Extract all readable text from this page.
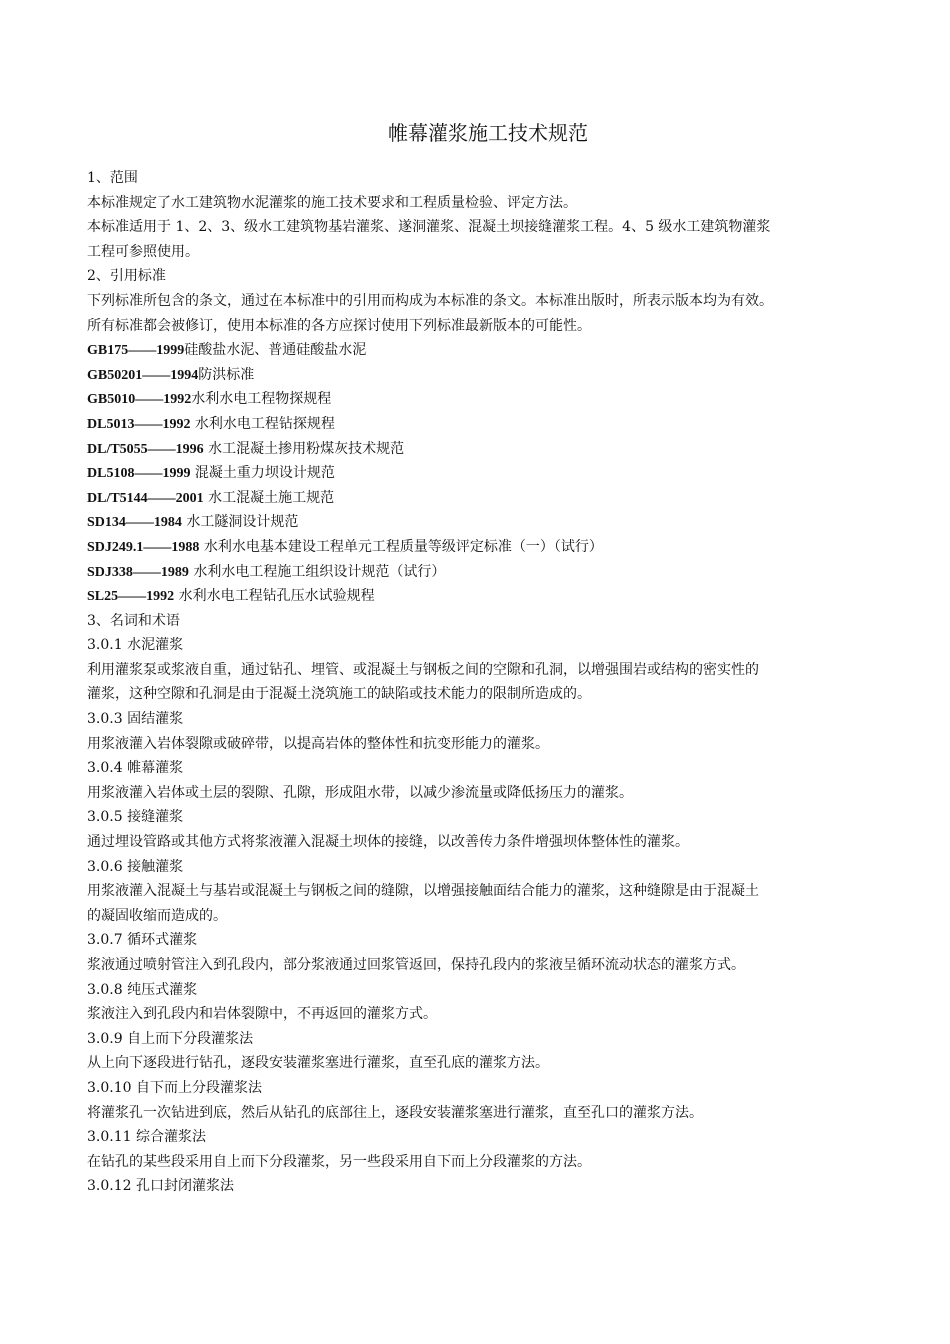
帷幕灌浆施工技术规范
1、范围
本标准规定了水工建筑物水泥灌浆的施工技术要求和工程质量检验、评定方法。
本标准适用于 1、2、3、级水工建筑物基岩灌浆、遂洞灌浆、混凝土坝接缝灌浆工程。4、5 级水工建筑物灌浆
工程可参照使用。
2、引用标准
下列标准所包含的条文，通过在本标准中的引用而构成为本标准的条文。本标准出版时，所表示版本均为有效。
所有标准都会被修订，使用本标准的各方应探讨使用下列标准最新版本的可能性。
GB175——1999硅酸盐水泥、普通硅酸盐水泥
GB50201——1994防洪标准
GB5010——1992水利水电工程物探规程
DL5013——1992 水利水电工程钻探规程
DL/T5055——1996 水工混凝土掺用粉煤灰技术规范
DL5108——1999 混凝土重力坝设计规范
DL/T5144——2001 水工混凝土施工规范
SD134——1984 水工隧洞设计规范
SDJ249.1——1988 水利水电基本建设工程单元工程质量等级评定标准（一）（试行）
SDJ338——1989 水利水电工程施工组织设计规范（试行）
SL25——1992 水利水电工程钻孔压水试验规程
3、名词和术语
3.0.1 水泥灌浆
利用灌浆泵或浆液自重，通过钻孔、埋管、或混凝土与钢板之间的空隙和孔洞，以增强围岩或结构的密实性的
灌浆，这种空隙和孔洞是由于混凝土浇筑施工的缺陷或技术能力的限制所造成的。
3.0.3 固结灌浆
用浆液灌入岩体裂隙或破碎带，以提高岩体的整体性和抗变形能力的灌浆。
3.0.4 帷幕灌浆
用浆液灌入岩体或土层的裂隙、孔隙，形成阻水带，以减少渗流量或降低扬压力的灌浆。
3.0.5 接缝灌浆
通过埋设管路或其他方式将浆液灌入混凝土坝体的接缝，以改善传力条件增强坝体整体性的灌浆。
3.0.6 接触灌浆
用浆液灌入混凝土与基岩或混凝土与钢板之间的缝隙，以增强接触面结合能力的灌浆，这种缝隙是由于混凝土
的凝固收缩而造成的。
3.0.7 循环式灌浆
浆液通过喷射管注入到孔段内，部分浆液通过回浆管返回，保持孔段内的浆液呈循环流动状态的灌浆方式。
3.0.8 纯压式灌浆
浆液注入到孔段内和岩体裂隙中，不再返回的灌浆方式。
3.0.9 自上而下分段灌浆法
从上向下逐段进行钻孔，逐段安装灌浆塞进行灌浆，直至孔底的灌浆方法。
3.0.10 自下而上分段灌浆法
将灌浆孔一次钻进到底，然后从钻孔的底部往上，逐段安装灌浆塞进行灌浆，直至孔口的灌浆方法。
3.0.11 综合灌浆法
在钻孔的某些段采用自上而下分段灌浆，另一些段采用自下而上分段灌浆的方法。
3.0.12 孔口封闭灌浆法
